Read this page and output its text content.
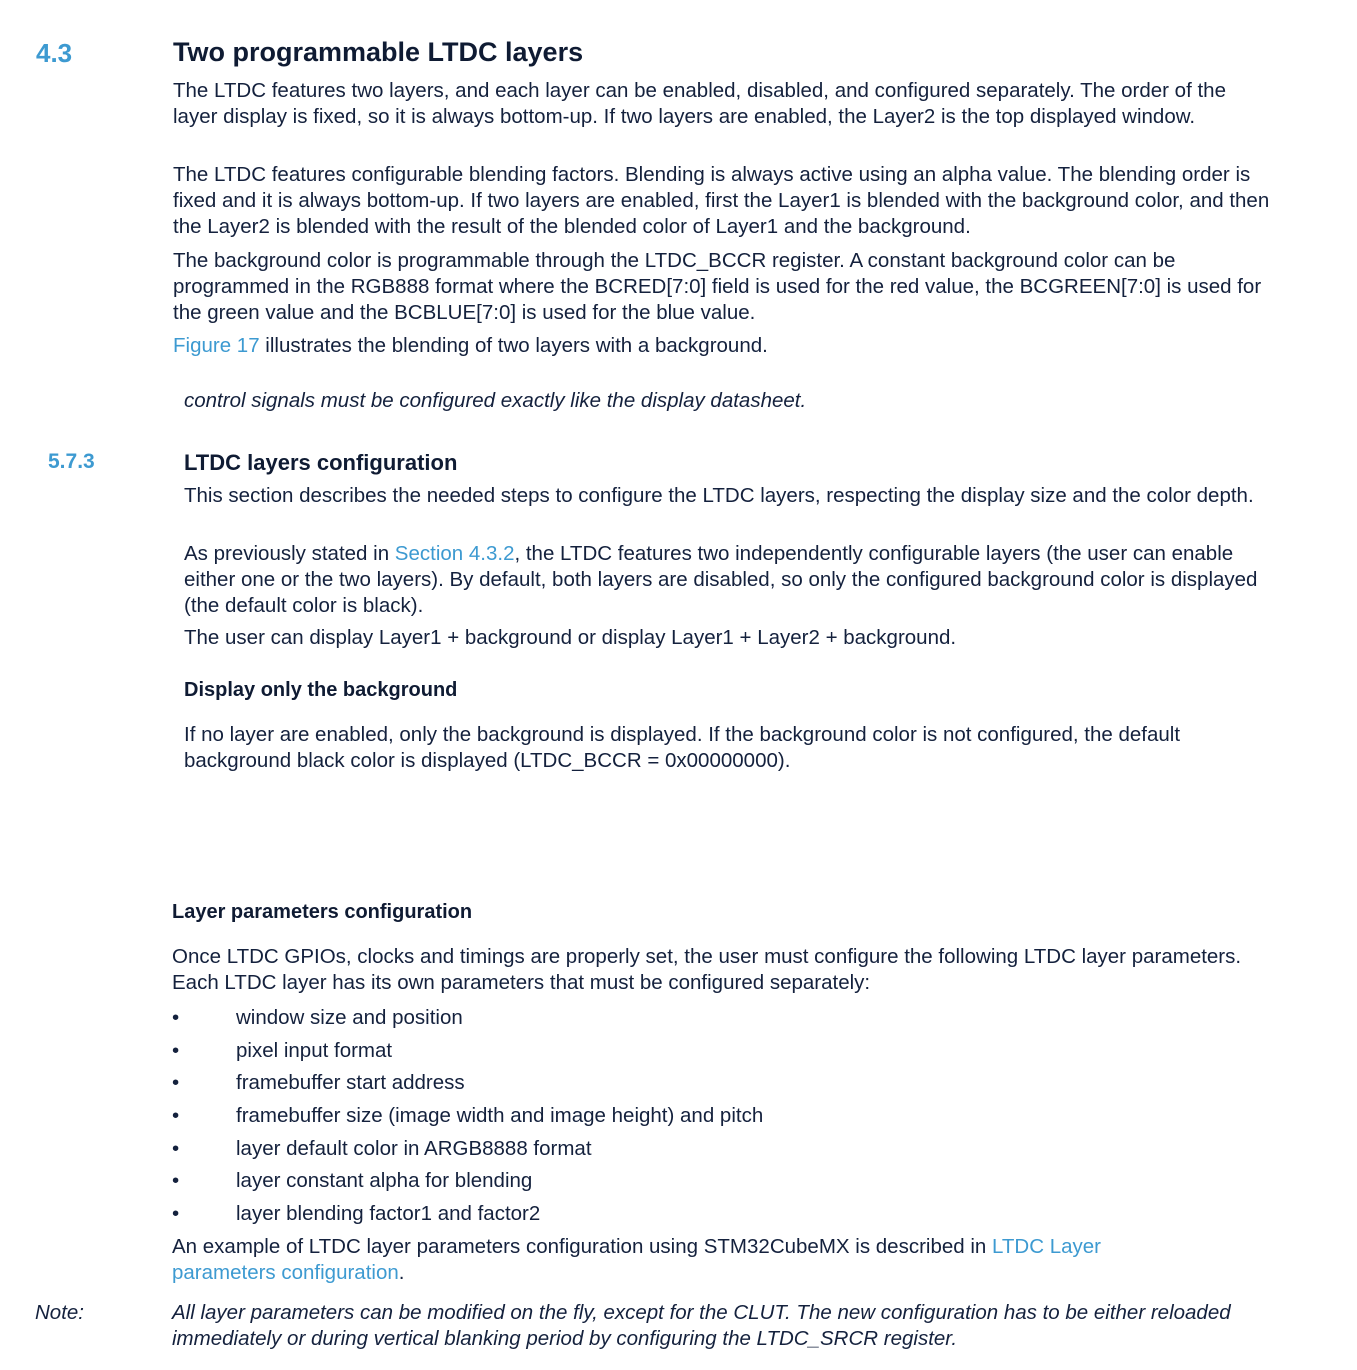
4.3	Two programmable LTDC layers

The LTDC features two layers, and each layer can be enabled, disabled, and configured separately. The order of the layer display is fixed, so it is always bottom-up. If two layers are enabled, the Layer2 is the top displayed window.

The LTDC features configurable blending factors. Blending is always active using an alpha value. The blending order is fixed and it is always bottom-up. If two layers are enabled, first the Layer1 is blended with the background color, and then the Layer2 is blended with the result of the blended color of Layer1 and the background.

The background color is programmable through the LTDC_BCCR register. A constant background color can be programmed in the RGB888 format where the BCRED[7:0] field is used for the red value, the BCGREEN[7:0] is used for the green value and the BCBLUE[7:0] is used for the blue value.

Figure 17 illustrates the blending of two layers with a background.

control signals must be configured exactly like the display datasheet.

5.7.3	LTDC layers configuration

This section describes the needed steps to configure the LTDC layers, respecting the display size and the color depth.

As previously stated in Section 4.3.2, the LTDC features two independently configurable layers (the user can enable either one or the two layers). By default, both layers are disabled, so only the configured background color is displayed (the default color is black).

The user can display Layer1 + background or display Layer1 + Layer2 + background.

Display only the background

If no layer are enabled, only the background is displayed. If the background color is not configured, the default background black color is displayed (LTDC_BCCR = 0x00000000).

Layer parameters configuration

Once LTDC GPIOs, clocks and timings are properly set, the user must configure the following LTDC layer parameters. Each LTDC layer has its own parameters that must be configured separately:

•	window size and position
•	pixel input format
•	framebuffer start address
•	framebuffer size (image width and image height) and pitch
•	layer default color in ARGB8888 format
•	layer constant alpha for blending
•	layer blending factor1 and factor2

An example of LTDC layer parameters configuration using STM32CubeMX is described in LTDC Layer parameters configuration.

Note:	All layer parameters can be modified on the fly, except for the CLUT. The new configuration has to be either reloaded immediately or during vertical blanking period by configuring the LTDC_SRCR register.
